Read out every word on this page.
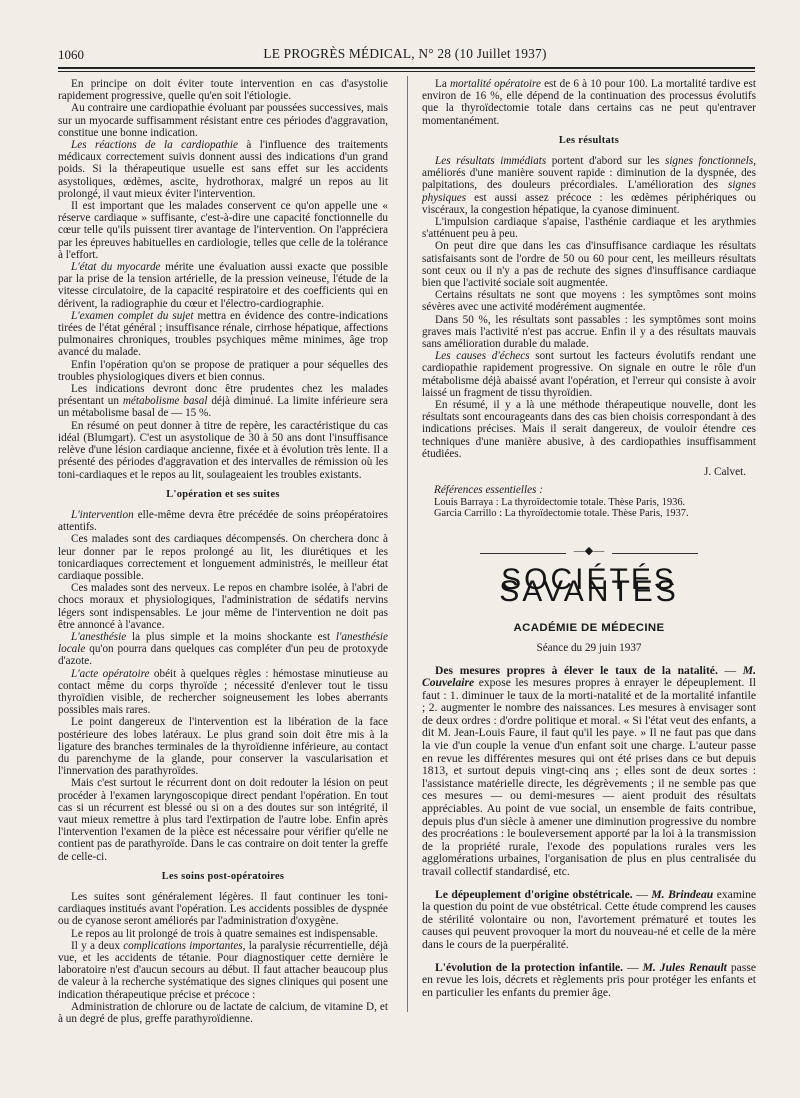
1060	LE PROGRÈS MÉDICAL, N° 28 (10 Juillet 1937)

En principe on doit éviter toute intervention en cas d'asystolie rapidement progressive, quelle qu'en soit l'étiologie.

Au contraire une cardiopathie évoluant par poussées successives, mais sur un myocarde suffisamment résistant entre ces périodes d'aggravation, constitue une bonne indication.

Les réactions de la cardiopathie à l'influence des traitements médicaux correctement suivis donnent aussi des indications d'un grand poids. Si la thérapeutique usuelle est sans effet sur les accidents asystoliques, œdèmes, ascite, hydrothorax, malgré un repos au lit prolongé, il vaut mieux éviter l'intervention.

Il est important que les malades conservent ce qu'on appelle une « réserve cardiaque » suffisante, c'est-à-dire une capacité fonctionnelle du cœur telle qu'ils puissent tirer avantage de l'intervention. On l'appréciera par les épreuves habituelles en cardiologie, telles que celle de la tolérance à l'effort.

L'état du myocarde mérite une évaluation aussi exacte que possible par la prise de la tension artérielle, de la pression veineuse, l'étude de la vitesse circulatoire, de la capacité respiratoire et des coefficients qui en dérivent, la radiographie du cœur et l'électro-cardiographie.

L'examen complet du sujet mettra en évidence des contre-indications tirées de l'état général ; insuffisance rénale, cirrhose hépatique, affections pulmonaires chroniques, troubles psychiques même minimes, âge trop avancé du malade.

Enfin l'opération qu'on se propose de pratiquer a pour séquelles des troubles physiologiques divers et bien connus.

Les indications devront donc être prudentes chez les malades présentant un métabolisme basal déjà diminué. La limite inférieure sera un métabolisme basal de — 15 %.

En résumé on peut donner à titre de repère, les caractéristique du cas idéal (Blumgart). C'est un asystolique de 30 à 50 ans dont l'insuffisance relève d'une lésion cardiaque ancienne, fixée et à évolution très lente. Il a présenté des périodes d'aggravation et des intervalles de rémission où les toni-cardiaques et le repos au lit, soulageaient les troubles existants.

L'opération et ses suites

L'intervention elle-même devra être précédée de soins préopératoires attentifs.

Ces malades sont des cardiaques décompensés. On cherchera donc à leur donner par le repos prolongé au lit, les diurétiques et les tonicardiaques correctement et longuement administrés, le meilleur état cardiaque possible.

Ces malades sont des nerveux. Le repos en chambre isolée, à l'abri de chocs moraux et physiologiques, l'administration de sédatifs nervins légers sont indispensables. Le jour même de l'intervention ne doit pas être annoncé à l'avance.

L'anesthésie la plus simple et la moins shockante est l'anesthésie locale qu'on pourra dans quelques cas compléter d'un peu de protoxyde d'azote.

L'acte opératoire obéit à quelques règles : hémostase minutieuse au contact même du corps thyroïde ; nécessité d'enlever tout le tissu thyroïdien visible, de rechercher soigneusement les lobes aberrants possibles mais rares.

Le point dangereux de l'intervention est la libération de la face postérieure des lobes latéraux. Le plus grand soin doit être mis à la ligature des branches terminales de la thyroïdienne inférieure, au contact du parenchyme de la glande, pour conserver la vascularisation et l'innervation des parathyroïdes.

Mais c'est surtout le récurrent dont on doit redouter la lésion on peut procéder à l'examen laryngoscopique direct pendant l'opération. En tout cas si un récurrent est blessé ou si on a des doutes sur son intégrité, il vaut mieux remettre à plus tard l'extirpation de l'autre lobe. Enfin après l'intervention l'examen de la pièce est nécessaire pour vérifier qu'elle ne contient pas de parathyroïde. Dans le cas contraire on doit tenter la greffe de celle-ci.

Les soins post-opératoires

Les suites sont généralement légères. Il faut continuer les toni-cardiaques institués avant l'opération. Les accidents possibles de dyspnée ou de cyanose seront améliorés par l'administration d'oxygène.

Le repos au lit prolongé de trois à quatre semaines est indispensable.

Il y a deux complications importantes, la paralysie récurrentielle, déjà vue, et les accidents de tétanie. Pour diagnostiquer cette dernière le laboratoire n'est d'aucun secours au début. Il faut attacher beaucoup plus de valeur à la recherche systématique des signes cliniques qui posent une indication thérapeutique précise et précoce :

Administration de chlorure ou de lactate de calcium, de vitamine D, et à un degré de plus, greffe parathyroïdienne.

La mortalité opératoire est de 6 à 10 pour 100. La mortalité tardive est environ de 16 %, elle dépend de la continuation des processus évolutifs que la thyroïdectomie totale dans certains cas ne peut qu'entraver momentanément.

Les résultats

Les résultats immédiats portent d'abord sur les signes fonctionnels, améliorés d'une manière souvent rapide : diminution de la dyspnée, des palpitations, des douleurs précordiales. L'amélioration des signes physiques est aussi assez précoce : les œdèmes périphériques ou viscéraux, la congestion hépatique, la cyanose diminuent.

L'impulsion cardiaque s'apaise, l'asthénie cardiaque et les arythmies s'atténuent peu à peu.

On peut dire que dans les cas d'insuffisance cardiaque les résultats satisfaisants sont de l'ordre de 50 ou 60 pour cent, les meilleurs résultats sont ceux ou il n'y a pas de rechute des signes d'insuffisance cardiaque bien que l'activité sociale soit augmentée.

Certains résultats ne sont que moyens : les symptômes sont moins sévères avec une activité modérément augmentée.

Dans 50 %, les résultats sont passables : les symptômes sont moins graves mais l'activité n'est pas accrue. Enfin il y a des résultats mauvais sans amélioration durable du malade.

Les causes d'échecs sont surtout les facteurs évolutifs rendant une cardiopathie rapidement progressive. On signale en outre le rôle d'un métabolisme déjà abaissé avant l'opération, et l'erreur qui consiste à avoir laissé un fragment de tissu thyroïdien.

En résumé, il y a là une méthode thérapeutique nouvelle, dont les résultats sont encourageants dans des cas bien choisis correspondant à des indications précises. Mais il serait dangereux, de vouloir étendre ces techniques d'une manière abusive, à des cardiopathies insuffisamment étudiées.

J. Calvet.
Références essentielles :
Louis Barraya : La thyroïdectomie totale. Thèse Paris, 1936.
Garcia Carrillo : La thyroïdectomie totale. Thèse Paris, 1937.
—◆—
SOCIÉTÉS SAVANTES
ACADÉMIE DE MÉDECINE
Séance du 29 juin 1937

Des mesures propres à élever le taux de la natalité. — M. Couvelaire expose les mesures propres à enrayer le dépeuplement. Il faut : 1. diminuer le taux de la morti-natalité et de la mortalité infantile ; 2. augmenter le nombre des naissances. Les mesures à envisager sont de deux ordres : d'ordre politique et moral. « Si l'état veut des enfants, a dit M. Jean-Louis Faure, il faut qu'il les paye. » Il ne faut pas que dans la vie d'un couple la venue d'un enfant soit une charge. L'auteur passe en revue les différentes mesures qui ont été prises dans ce but depuis 1813, et surtout depuis vingt-cinq ans ; elles sont de deux sortes : l'assistance matérielle directe, les dégrèvements ; il ne semble pas que ces mesures — ou demi-mesures — aient produit des résultats appréciables. Au point de vue social, un ensemble de faits contribue, depuis plus d'un siècle à amener une diminution progressive du nombre des procréations : le bouleversement apporté par la loi à la transmission de la propriété rurale, l'exode des populations rurales vers les agglomérations urbaines, l'organisation de plus en plus centralisée du travail collectif standardisé, etc.

Le dépeuplement d'origine obstétricale. — M. Brindeau examine la question du point de vue obstétrical. Cette étude comprend les causes de stérilité volontaire ou non, l'avortement prématuré et toutes les causes qui peuvent provoquer la mort du nouveau-né et celle de la mère dans le cours de la puerpéralité.

L'évolution de la protection infantile. — M. Jules Renault passe en revue les lois, décrets et règlements pris pour protéger les enfants et en particulier les enfants du premier âge.
